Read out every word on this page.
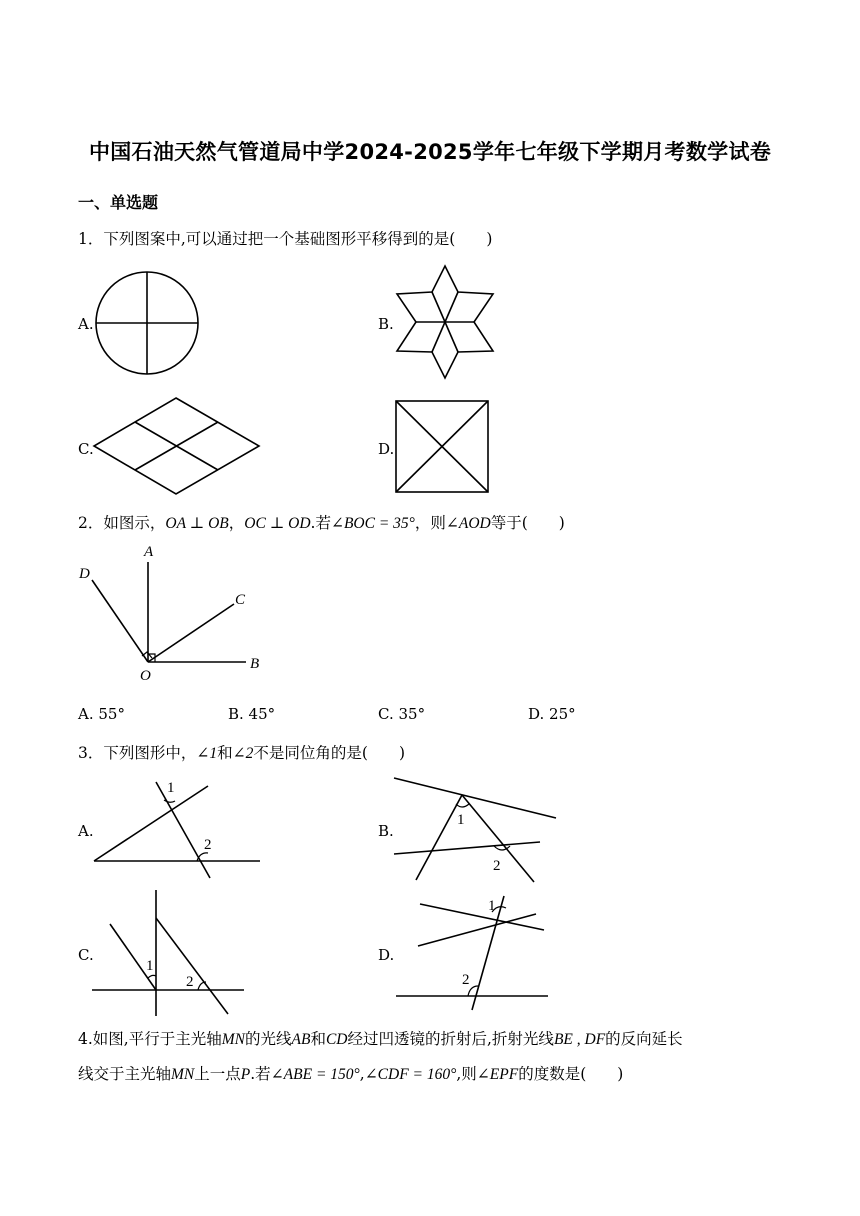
中国石油天然气管道局中学2024-2025学年七年级下学期月考数学试卷
一、单选题
1．下列图案中,可以通过把一个基础图形平移得到的是(　　)
A.	B.
C.	D.
2．如图示，OA ⊥ OB，OC ⊥ OD.若∠BOC = 35°，则∠AOD等于(　　)
A
B
C
D
O
A. 55°	B. 45°	C. 35°	D. 25°
3．下列图形中，∠1和∠2不是同位角的是(　　)
A.
1
2
B.
1
2
C.
1
2
D.
1
2
4.如图,平行于主光轴MN的光线AB和CD经过凹透镜的折射后,折射光线BE , DF的反向延长
线交于主光轴MN上一点P.若∠ABE = 150°,∠CDF = 160°,则∠EPF的度数是(　　)
